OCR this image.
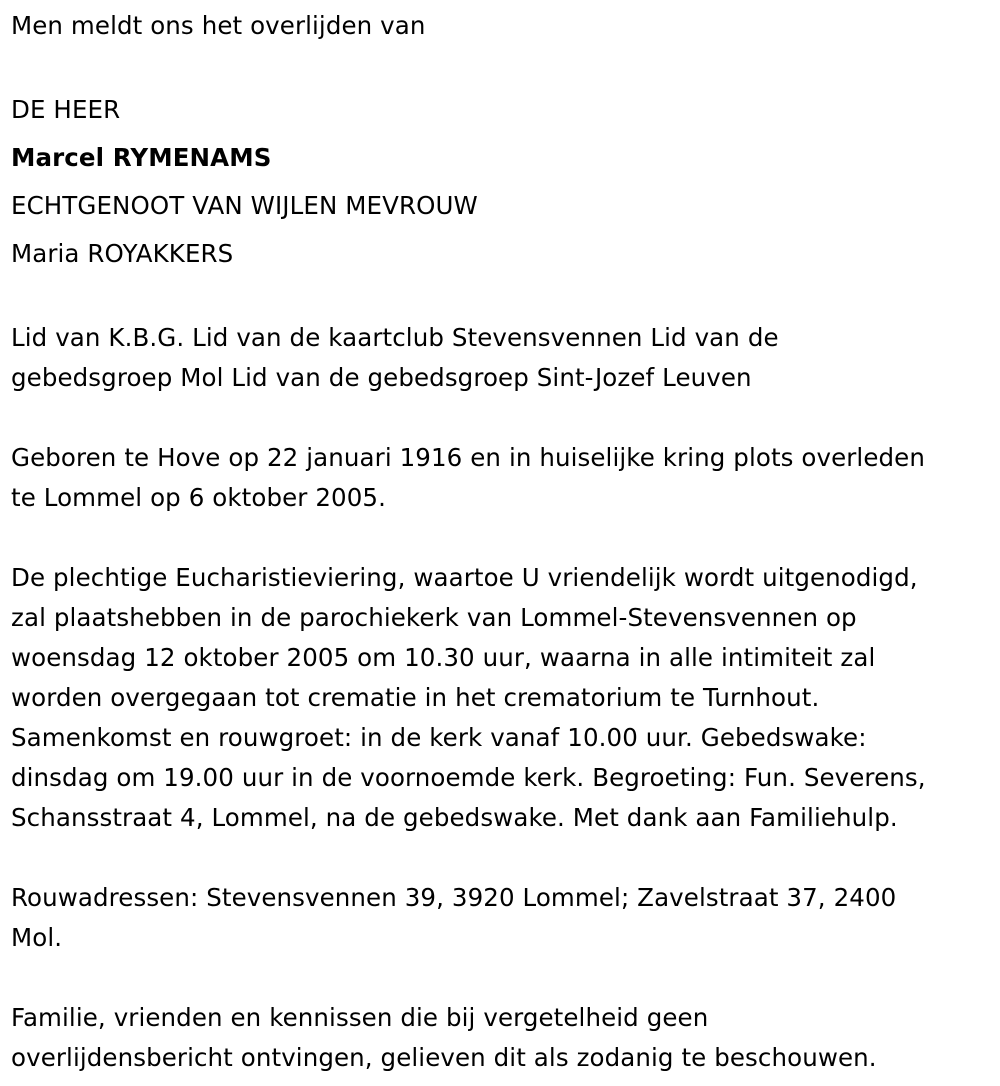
Men meldt ons het overlijden van
DE HEER
Marcel RYMENAMS
ECHTGENOOT VAN WIJLEN MEVROUW
Maria ROYAKKERS
Lid van K.B.G. Lid van de kaartclub Stevensvennen Lid van de
gebedsgroep Mol Lid van de gebedsgroep Sint-Jozef Leuven
Geboren te Hove op 22 januari 1916 en in huiselijke kring plots overleden
te Lommel op 6 oktober 2005.
De plechtige Eucharistieviering, waartoe U vriendelijk wordt uitgenodigd,
zal plaatshebben in de parochiekerk van Lommel-Stevensvennen op
woensdag 12 oktober 2005 om 10.30 uur, waarna in alle intimiteit zal
worden overgegaan tot crematie in het crematorium te Turnhout.
Samenkomst en rouwgroet: in de kerk vanaf 10.00 uur. Gebedswake:
dinsdag om 19.00 uur in de voornoemde kerk. Begroeting: Fun. Severens,
Schansstraat 4, Lommel, na de gebedswake. Met dank aan Familiehulp.
Rouwadressen: Stevensvennen 39, 3920 Lommel; Zavelstraat 37, 2400
Mol.
Familie, vrienden en kennissen die bij vergetelheid geen
overlijdensbericht ontvingen, gelieven dit als zodanig te beschouwen.
